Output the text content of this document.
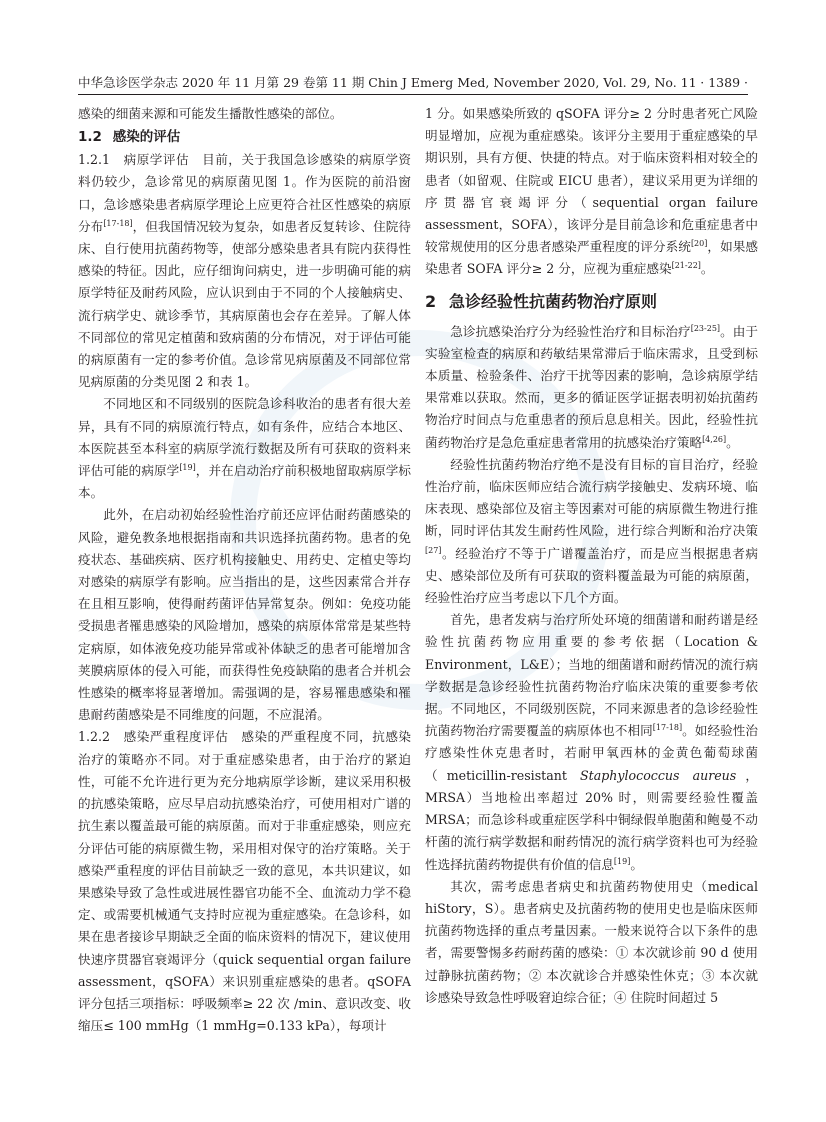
中华急诊医学杂志 2020 年 11 月第 29 卷第 11 期 Chin J Emerg Med, November 2020, Vol. 29, No. 11 · 1389 ·

感染的细菌来源和可能发生播散性感染的部位。

1.2 感染的评估

1.2.1　病原学评估　目前，关于我国急诊感染的病原学资料仍较少，急诊常见的病原菌见图 1。作为医院的前沿窗口，急诊感染患者病原学理论上应更符合社区性感染的病原分布[17-18]，但我国情况较为复杂，如患者反复转诊、住院待床、自行使用抗菌药物等，使部分感染患者具有院内获得性感染的特征。因此，应仔细询问病史，进一步明确可能的病原学特征及耐药风险，应认识到由于不同的个人接触病史、流行病学史、就诊季节，其病原菌也会存在差异。了解人体不同部位的常见定植菌和致病菌的分布情况，对于评估可能的病原菌有一定的参考价值。急诊常见病原菌及不同部位常见病原菌的分类见图 2 和表 1。

不同地区和不同级别的医院急诊科收治的患者有很大差异，具有不同的病原流行特点，如有条件，应结合本地区、本医院甚至本科室的病原学流行数据及所有可获取的资料来评估可能的病原学[19]，并在启动治疗前积极地留取病原学标本。

此外，在启动初始经验性治疗前还应评估耐药菌感染的风险，避免教条地根据指南和共识选择抗菌药物。患者的免疫状态、基础疾病、医疗机构接触史、用药史、定植史等均对感染的病原学有影响。应当指出的是，这些因素常合并存在且相互影响，使得耐药菌评估异常复杂。例如：免疫功能受损患者罹患感染的风险增加，感染的病原体常常是某些特定病原，如体液免疫功能异常或补体缺乏的患者可能增加含荚膜病原体的侵入可能，而获得性免疫缺陷的患者合并机会性感染的概率将显著增加。需强调的是，容易罹患感染和罹患耐药菌感染是不同维度的问题，不应混淆。

1.2.2　感染严重程度评估　感染的严重程度不同，抗感染治疗的策略亦不同。对于重症感染患者，由于治疗的紧迫性，可能不允许进行更为充分地病原学诊断，建议采用积极的抗感染策略，应尽早启动抗感染治疗，可使用相对广谱的抗生素以覆盖最可能的病原菌。而对于非重症感染，则应充分评估可能的病原微生物，采用相对保守的治疗策略。关于感染严重程度的评估目前缺乏一致的意见，本共识建议，如果感染导致了急性或进展性器官功能不全、血流动力学不稳定、或需要机械通气支持时应视为重症感染。在急诊科，如果在患者接诊早期缺乏全面的临床资料的情况下，建议使用快速序贯器官衰竭评分（quick sequential organ failure assessment，qSOFA）来识别重症感染的患者。qSOFA 评分包括三项指标：呼吸频率≥ 22 次 /min、意识改变、收缩压≤ 100 mmHg（1 mmHg=0.133 kPa），每项计

1 分。如果感染所致的 qSOFA 评分≥ 2 分时患者死亡风险明显增加，应视为重症感染。该评分主要用于重症感染的早期识别，具有方便、快捷的特点。对于临床资料相对较全的患者（如留观、住院或 EICU 患者），建议采用更为详细的序贯器官衰竭评分（sequential organ failure assessment，SOFA），该评分是目前急诊和危重症患者中较常规使用的区分患者感染严重程度的评分系统[20]，如果感染患者 SOFA 评分≥ 2 分，应视为重症感染[21-22]。

2 急诊经验性抗菌药物治疗原则

急诊抗感染治疗分为经验性治疗和目标治疗[23-25]。由于实验室检查的病原和药敏结果常滞后于临床需求，且受到标本质量、检验条件、治疗干扰等因素的影响，急诊病原学结果常难以获取。然而，更多的循证医学证据表明初始抗菌药物治疗时间点与危重患者的预后息息相关。因此，经验性抗菌药物治疗是急危重症患者常用的抗感染治疗策略[4,26]。

经验性抗菌药物治疗绝不是没有目标的盲目治疗，经验性治疗前，临床医师应结合流行病学接触史、发病环境、临床表现、感染部位及宿主等因素对可能的病原微生物进行推断，同时评估其发生耐药性风险，进行综合判断和治疗决策[27]。经验治疗不等于广谱覆盖治疗，而是应当根据患者病史、感染部位及所有可获取的资料覆盖最为可能的病原菌，经验性治疗应当考虑以下几个方面。

首先，患者发病与治疗所处环境的细菌谱和耐药谱是经验性抗菌药物应用重要的参考依据（Location & Environment，L&E）；当地的细菌谱和耐药情况的流行病学数据是急诊经验性抗菌药物治疗临床决策的重要参考依据。不同地区，不同级别医院，不同来源患者的急诊经验性抗菌药物治疗需要覆盖的病原体也不相同[17-18]。如经验性治疗感染性休克患者时，若耐甲氧西林的金黄色葡萄球菌（meticillin-resistant Staphylococcus aureus，MRSA）当地检出率超过 20% 时，则需要经验性覆盖 MRSA；而急诊科或重症医学科中铜绿假单胞菌和鲍曼不动杆菌的流行病学数据和耐药情况的流行病学资料也可为经验性选择抗菌药物提供有价值的信息[19]。

其次，需考虑患者病史和抗菌药物使用史（medical hiStory，S）。患者病史及抗菌药物的使用史也是临床医师抗菌药物选择的重点考量因素。一般来说符合以下条件的患者，需要警惕多药耐药菌的感染：① 本次就诊前 90 d 使用过静脉抗菌药物；② 本次就诊合并感染性休克；③ 本次就诊感染导致急性呼吸窘迫综合征；④ 住院时间超过 5
